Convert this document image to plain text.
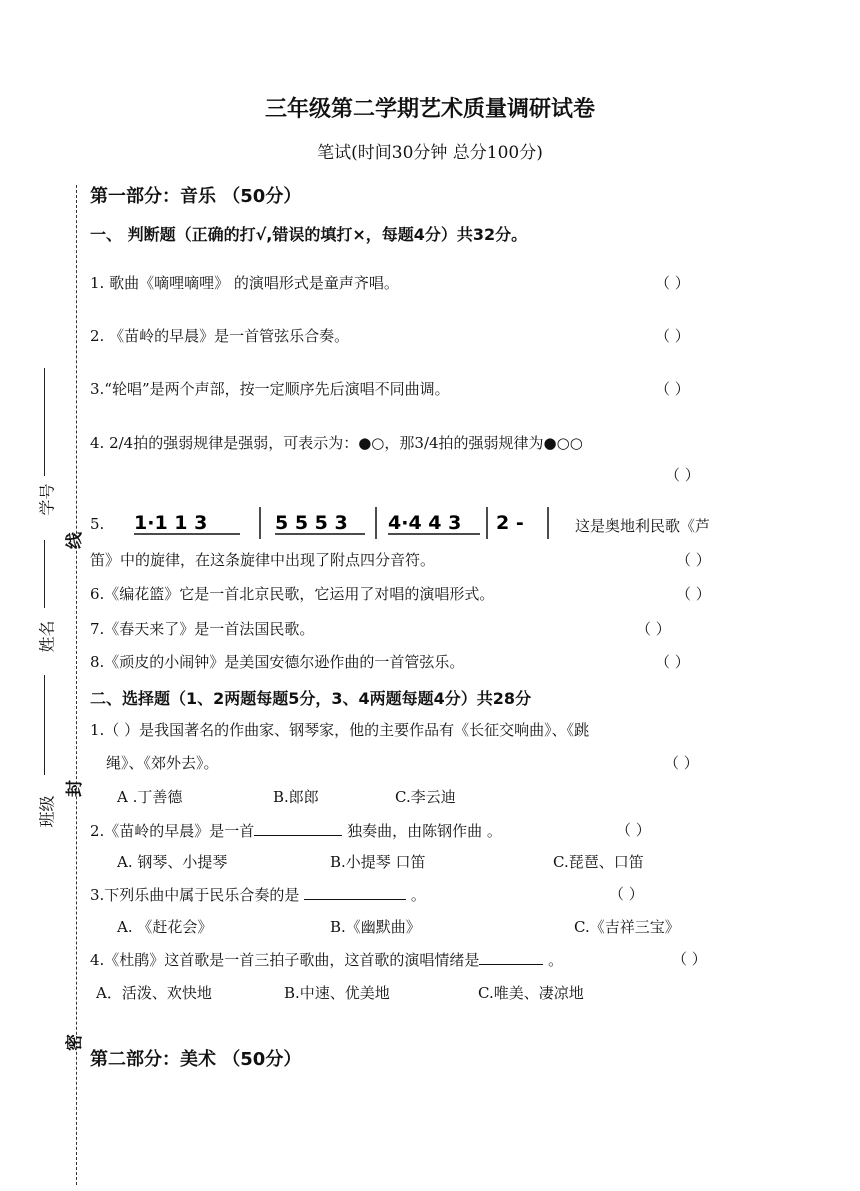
三年级第二学期艺术质量调研试卷
笔试(时间30分钟 总分100分)
学号
姓名
班级
线
封
密
第一部分：音乐 （50分）
一、 判断题（正确的打√,错误的填打×，每题4分）共32分。
1. 歌曲《嘀哩嘀哩》 的演唱形式是童声齐唱。	（ ）
2. 《苗岭的早晨》是一首管弦乐合奏。	（ ）
3.“轮唱”是两个声部，按一定顺序先后演唱不同曲调。	（ ）
4. 2/4拍的强弱规律是强弱，可表示为：●○，那3/4拍的强弱规律为●○○
（ ）
5. 1·1 1 3	5 5 5 3 4·4 4 3 2 -	这是奥地利民歌《芦
笛》中的旋律，在这条旋律中出现了附点四分音符。	（ ）
6.《编花篮》它是一首北京民歌，它运用了对唱的演唱形式。	（ ）
7.《春天来了》是一首法国民歌。	（ ）
8.《顽皮的小闹钟》是美国安德尔逊作曲的一首管弦乐。	（ ）
二、选择题（1、2两题每题5分，3、4两题每题4分）共28分
1.（ ）是我国著名的作曲家、钢琴家，他的主要作品有《长征交响曲》、《跳
绳》、《郊外去》。	（ ）
A .丁善德	B.郎郎	C.李云迪
2.《苗岭的早晨》是一首	独奏曲，由陈钢作曲 。	（ ）
A. 钢琴、小提琴	B.小提琴 口笛	C.琵琶、口笛
3.下列乐曲中属于民乐合奏的是	。	（ ）
A. 《赶花会》	B.《幽默曲》	C.《吉祥三宝》
4.《杜鹃》这首歌是一首三拍子歌曲，这首歌的演唱情绪是	。	（ ）
A．活泼、欢快地	B.中速、优美地	C.唯美、凄凉地
第二部分：美术 （50分）
